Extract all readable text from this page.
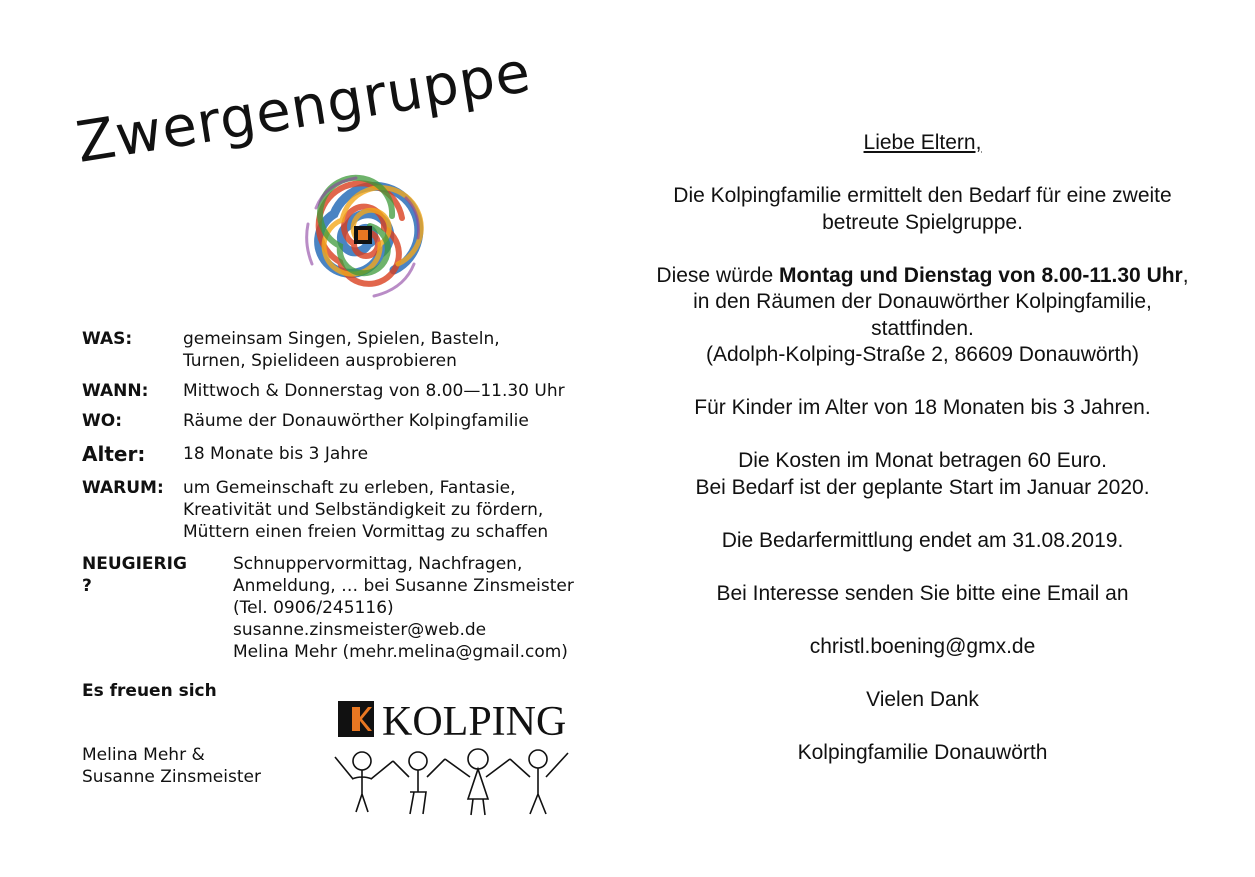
Zwergengruppe
WAS:	gemeinsam Singen, Spielen, Basteln,
Turnen, Spielideen ausprobieren
WANN: Mittwoch & Donnerstag von 8.00—11.30 Uhr
WO:	Räume der Donauwörther Kolpingfamilie
Alter: 18 Monate bis 3 Jahre
WARUM: um Gemeinschaft zu erleben, Fantasie,
Kreativität und Selbständigkeit zu fördern,
Müttern einen freien Vormittag zu schaffen
NEUGIERIG ?
Schnuppervormittag, Nachfragen,
Anmeldung, … bei Susanne Zinsmeister
(Tel. 0906/245116)
susanne.zinsmeister@web.de
Melina Mehr (mehr.melina@gmail.com)
Es freuen sich
Melina Mehr &
Susanne Zinsmeister
KOLPING

Liebe Eltern,

Die Kolpingfamilie ermittelt den Bedarf für eine zweite

betreute Spielgruppe.

Diese würde Montag und Dienstag von 8.00-11.30 Uhr,

in den Räumen der Donauwörther Kolpingfamilie,

stattfinden.

(Adolph-Kolping-Straße 2, 86609 Donauwörth)

Für Kinder im Alter von 18 Monaten bis 3 Jahren.

Die Kosten im Monat betragen 60 Euro.

Bei Bedarf ist der geplante Start im Januar 2020.

Die Bedarfermittlung endet am 31.08.2019.

Bei Interesse senden Sie bitte eine Email an

christl.boening@gmx.de

Vielen Dank

Kolpingfamilie Donauwörth
